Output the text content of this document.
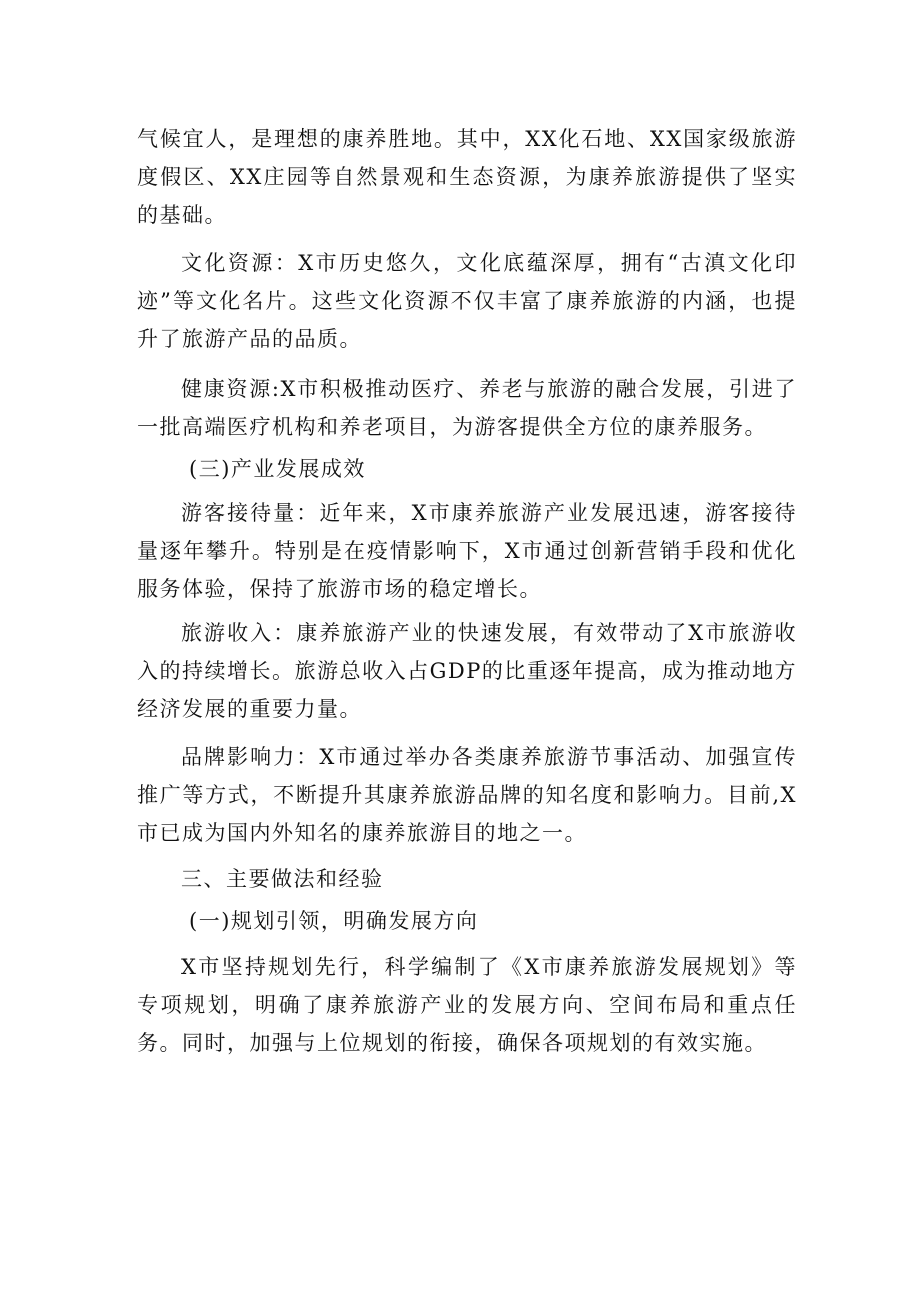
气候宜人，是理想的康养胜地。其中，XX化石地、XX国家级旅游度假区、XX庄园等自然景观和生态资源，为康养旅游提供了坚实的基础。

文化资源：X市历史悠久，文化底蕴深厚，拥有“古滇文化印迹”等文化名片。这些文化资源不仅丰富了康养旅游的内涵，也提升了旅游产品的品质。

健康资源:X市积极推动医疗、养老与旅游的融合发展，引进了一批高端医疗机构和养老项目，为游客提供全方位的康养服务。

(三)产业发展成效

游客接待量：近年来，X市康养旅游产业发展迅速，游客接待量逐年攀升。特别是在疫情影响下，X市通过创新营销手段和优化服务体验，保持了旅游市场的稳定增长。

旅游收入：康养旅游产业的快速发展，有效带动了X市旅游收入的持续增长。旅游总收入占GDP的比重逐年提高，成为推动地方经济发展的重要力量。

品牌影响力：X市通过举办各类康养旅游节事活动、加强宣传推广等方式，不断提升其康养旅游品牌的知名度和影响力。目前,X市已成为国内外知名的康养旅游目的地之一。

三、主要做法和经验

(一)规划引领，明确发展方向

X市坚持规划先行，科学编制了《X市康养旅游发展规划》等专项规划，明确了康养旅游产业的发展方向、空间布局和重点任务。同时，加强与上位规划的衔接，确保各项规划的有效实施。
